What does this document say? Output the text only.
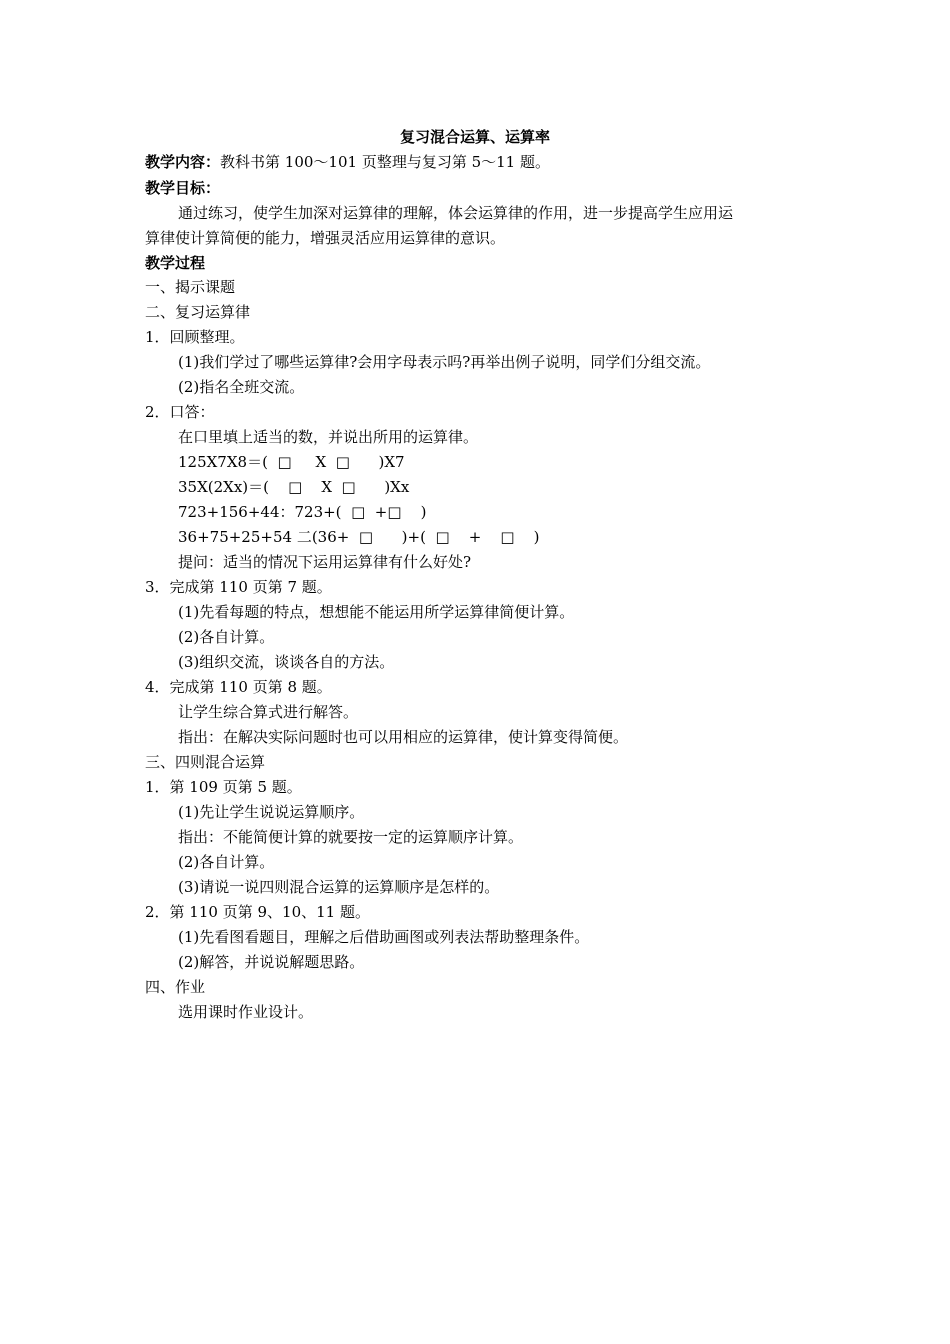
复习混合运算、运算率
教学内容：教科书第 100～101 页整理与复习第 5～11 题。
教学目标：
通过练习，使学生加深对运算律的理解，体会运算律的作用，进一步提高学生应用运
算律使计算简便的能力，增强灵活应用运算律的意识。
教学过程
一、揭示课题
二、复习运算律
1．回顾整理。
(1)我们学过了哪些运算律?会用字母表示吗?再举出例子说明，同学们分组交流。
(2)指名全班交流。
2．口答：
在口里填上适当的数，并说出所用的运算律。
125X7X8＝(  □     X  □      )X7
35X(2Xx)＝(    □    X  □      )Xx
723+156+44：723+(  □  +□    )
36+75+25+54 二(36+  □      )+(  □    +    □    )
提问：适当的情况下运用运算律有什么好处?
3．完成第 110 页第 7 题。
(1)先看每题的特点，想想能不能运用所学运算律简便计算。
(2)各自计算。
(3)组织交流，谈谈各自的方法。
4．完成第 110 页第 8 题。
让学生综合算式进行解答。
指出：在解决实际问题时也可以用相应的运算律，使计算变得简便。
三、四则混合运算
1．第 109 页第 5 题。
(1)先让学生说说运算顺序。
指出：不能简便计算的就要按一定的运算顺序计算。
(2)各自计算。
(3)请说一说四则混合运算的运算顺序是怎样的。
2．第 110 页第 9、10、11 题。
(1)先看图看题目，理解之后借助画图或列表法帮助整理条件。
(2)解答，并说说解题思路。
四、作业
选用课时作业设计。
